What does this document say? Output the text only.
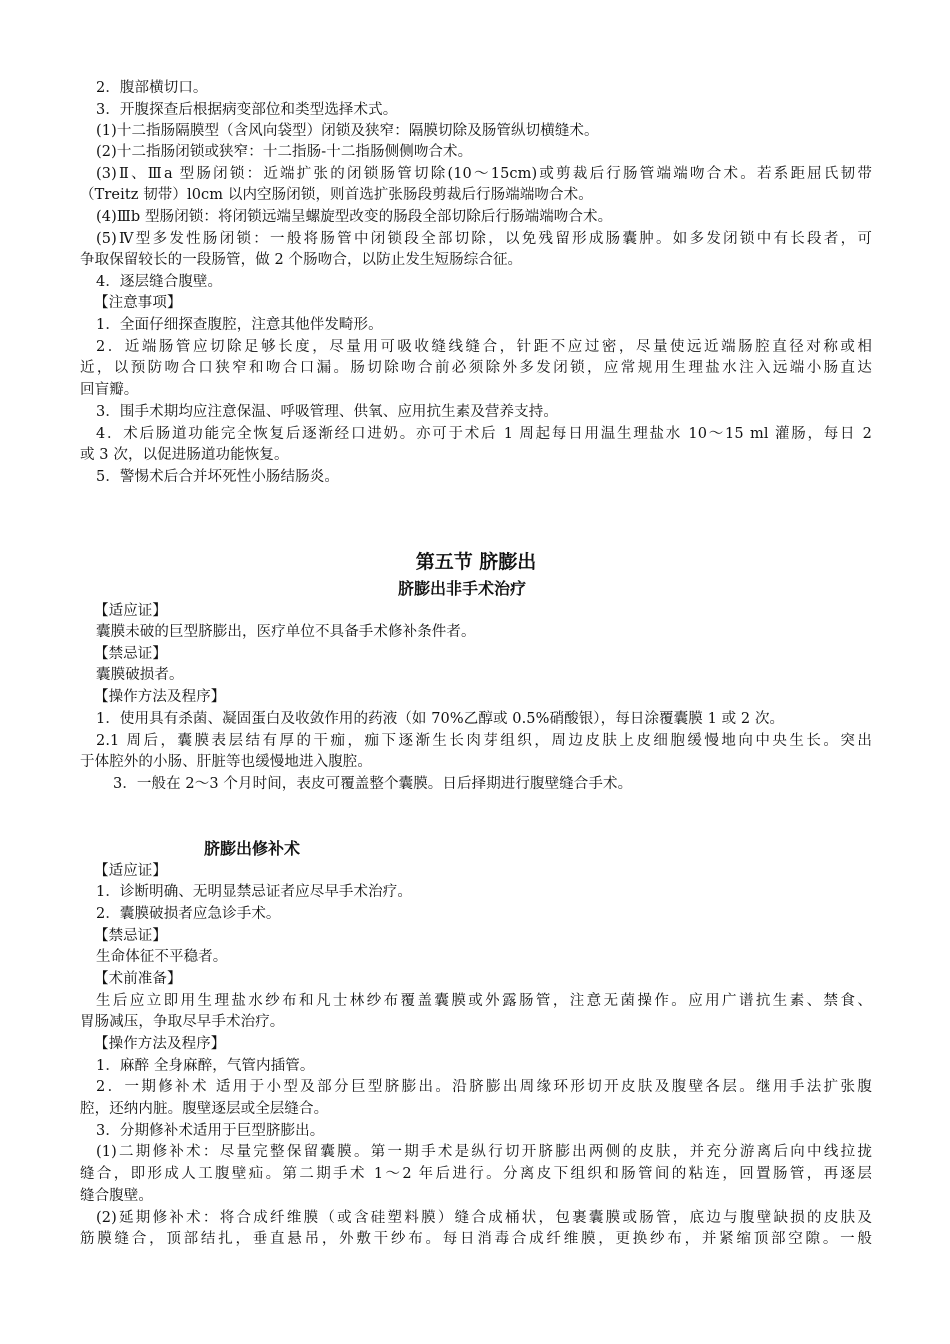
2．腹部横切口。
3．开腹探查后根据病变部位和类型选择术式。
(1)十二指肠隔膜型（含风向袋型）闭锁及狭窄：隔膜切除及肠管纵切横缝术。
(2)十二指肠闭锁或狭窄：十二指肠-十二指肠侧侧吻合术。
(3)Ⅱ、Ⅲa 型肠闭锁：近端扩张的闭锁肠管切除(10～15cm)或剪裁后行肠管端端吻合术。若系距屈氏韧带
（Treitz 韧带）l0cm 以内空肠闭锁，则首选扩张肠段剪裁后行肠端端吻合术。
(4)Ⅲb 型肠闭锁：将闭锁远端呈螺旋型改变的肠段全部切除后行肠端端吻合术。
(5)Ⅳ型多发性肠闭锁：一般将肠管中闭锁段全部切除，以免残留形成肠囊肿。如多发闭锁中有长段者，可
争取保留较长的一段肠管，做 2 个肠吻合，以防止发生短肠综合征。
4．逐层缝合腹壁。
【注意事项】
1．全面仔细探查腹腔，注意其他伴发畸形。
2．近端肠管应切除足够长度，尽量用可吸收缝线缝合，针距不应过密，尽量使远近端肠腔直径对称或相
近，以预防吻合口狭窄和吻合口漏。肠切除吻合前必须除外多发闭锁，应常规用生理盐水注入远端小肠直达
回盲瓣。
3．围手术期均应注意保温、呼吸管理、供氧、应用抗生素及营养支持。
4．术后肠道功能完全恢复后逐渐经口进奶。亦可于术后 1 周起每日用温生理盐水 10～15 ml 灌肠，每日 2
或 3 次，以促进肠道功能恢复。
5．警惕术后合并坏死性小肠结肠炎。
第五节 脐膨出
脐膨出非手术治疗
【适应证】
囊膜未破的巨型脐膨出，医疗单位不具备手术修补条件者。
【禁忌证】
囊膜破损者。
【操作方法及程序】
1．使用具有杀菌、凝固蛋白及收敛作用的药液（如 70%乙醇或 0.5%硝酸银），每日涂覆囊膜 1 或 2 次。
2.1 周后，囊膜表层结有厚的干痂，痂下逐渐生长肉芽组织，周边皮肤上皮细胞缓慢地向中央生长。突出
于体腔外的小肠、肝脏等也缓慢地进入腹腔。
3．一般在 2～3 个月时间，表皮可覆盖整个囊膜。日后择期进行腹壁缝合手术。
脐膨出修补术
【适应证】
1．诊断明确、无明显禁忌证者应尽早手术治疗。
2．囊膜破损者应急诊手术。
【禁忌证】
生命体征不平稳者。
【术前准备】
生后应立即用生理盐水纱布和凡士林纱布覆盖囊膜或外露肠管，注意无菌操作。应用广谱抗生素、禁食、
胃肠减压，争取尽早手术治疗。
【操作方法及程序】
1．麻醉 全身麻醉，气管内插管。
2．一期修补术 适用于小型及部分巨型脐膨出。沿脐膨出周缘环形切开皮肤及腹壁各层。继用手法扩张腹
腔，还纳内脏。腹壁逐层或全层缝合。
3．分期修补术适用于巨型脐膨出。
(1)二期修补术：尽量完整保留囊膜。第一期手术是纵行切开脐膨出两侧的皮肤，并充分游离后向中线拉拢
缝合，即形成人工腹壁疝。第二期手术 1～2 年后进行。分离皮下组织和肠管间的粘连，回置肠管，再逐层
缝合腹壁。
(2)延期修补术：将合成纤维膜（或含硅塑料膜）缝合成桶状，包裹囊膜或肠管，底边与腹壁缺损的皮肤及
筋膜缝合，顶部结扎，垂直悬吊，外敷干纱布。每日消毒合成纤维膜，更换纱布，并紧缩顶部空隙。一般
